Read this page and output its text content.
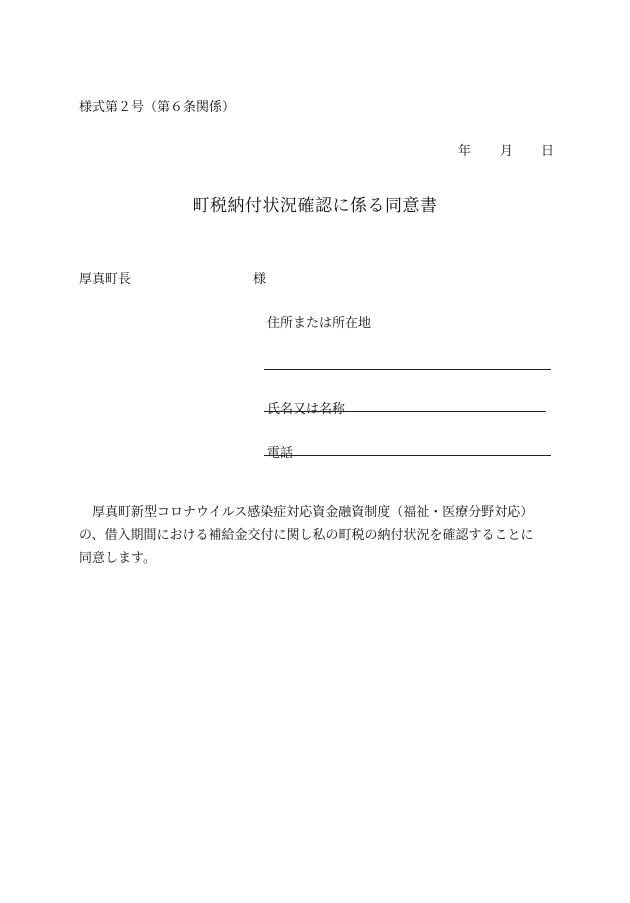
様式第２号（第６条関係）
年 月 日
町税納付状況確認に係る同意書
厚真町長	様
住所または所在地
氏名又は名称
電話
厚真町新型コロナウイルス感染症対応資金融資制度（福祉・医療分野対応）
の、借入期間における補給金交付に関し私の町税の納付状況を確認することに
同意します。
